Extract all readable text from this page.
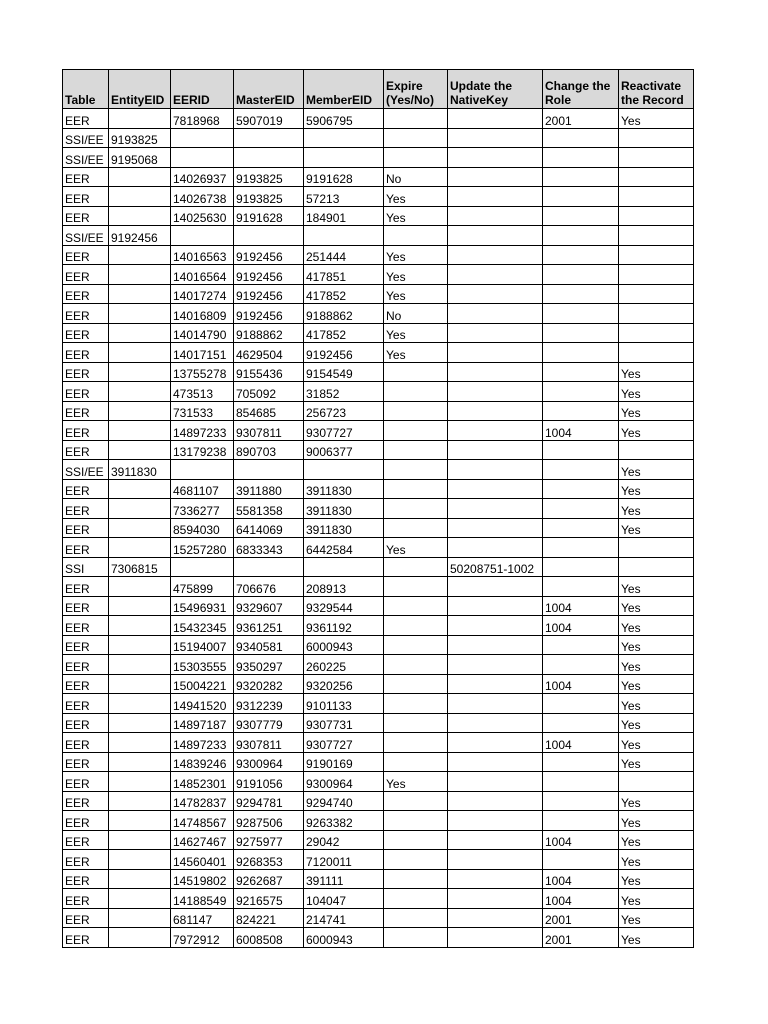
Table	EntityEID	EERID	MasterEID	MemberEID	Expire (Yes/No)	Update the NativeKey	Change the Role	Reactivate the Record
EER		7818968	5907019	5906795			2001	Yes
SSI/EE	9193825							
SSI/EE	9195068							
EER		14026937	9193825	9191628	No			
EER		14026738	9193825	57213	Yes			
EER		14025630	9191628	184901	Yes			
SSI/EE	9192456							
EER		14016563	9192456	251444	Yes			
EER		14016564	9192456	417851	Yes			
EER		14017274	9192456	417852	Yes			
EER		14016809	9192456	9188862	No			
EER		14014790	9188862	417852	Yes			
EER		14017151	4629504	9192456	Yes			
EER		13755278	9155436	9154549				Yes
EER		473513	705092	31852				Yes
EER		731533	854685	256723				Yes
EER		14897233	9307811	9307727			1004	Yes
EER		13179238	890703	9006377				
SSI/EE	3911830							Yes
EER		4681107	3911880	3911830				Yes
EER		7336277	5581358	3911830				Yes
EER		8594030	6414069	3911830				Yes
EER		15257280	6833343	6442584	Yes			
SSI	7306815					50208751-1002		
EER		475899	706676	208913				Yes
EER		15496931	9329607	9329544			1004	Yes
EER		15432345	9361251	9361192			1004	Yes
EER		15194007	9340581	6000943				Yes
EER		15303555	9350297	260225				Yes
EER		15004221	9320282	9320256			1004	Yes
EER		14941520	9312239	9101133				Yes
EER		14897187	9307779	9307731				Yes
EER		14897233	9307811	9307727			1004	Yes
EER		14839246	9300964	9190169				Yes
EER		14852301	9191056	9300964	Yes			
EER		14782837	9294781	9294740				Yes
EER		14748567	9287506	9263382				Yes
EER		14627467	9275977	29042			1004	Yes
EER		14560401	9268353	7120011				Yes
EER		14519802	9262687	391111			1004	Yes
EER		14188549	9216575	104047			1004	Yes
EER		681147	824221	214741			2001	Yes
EER		7972912	6008508	6000943			2001	Yes
